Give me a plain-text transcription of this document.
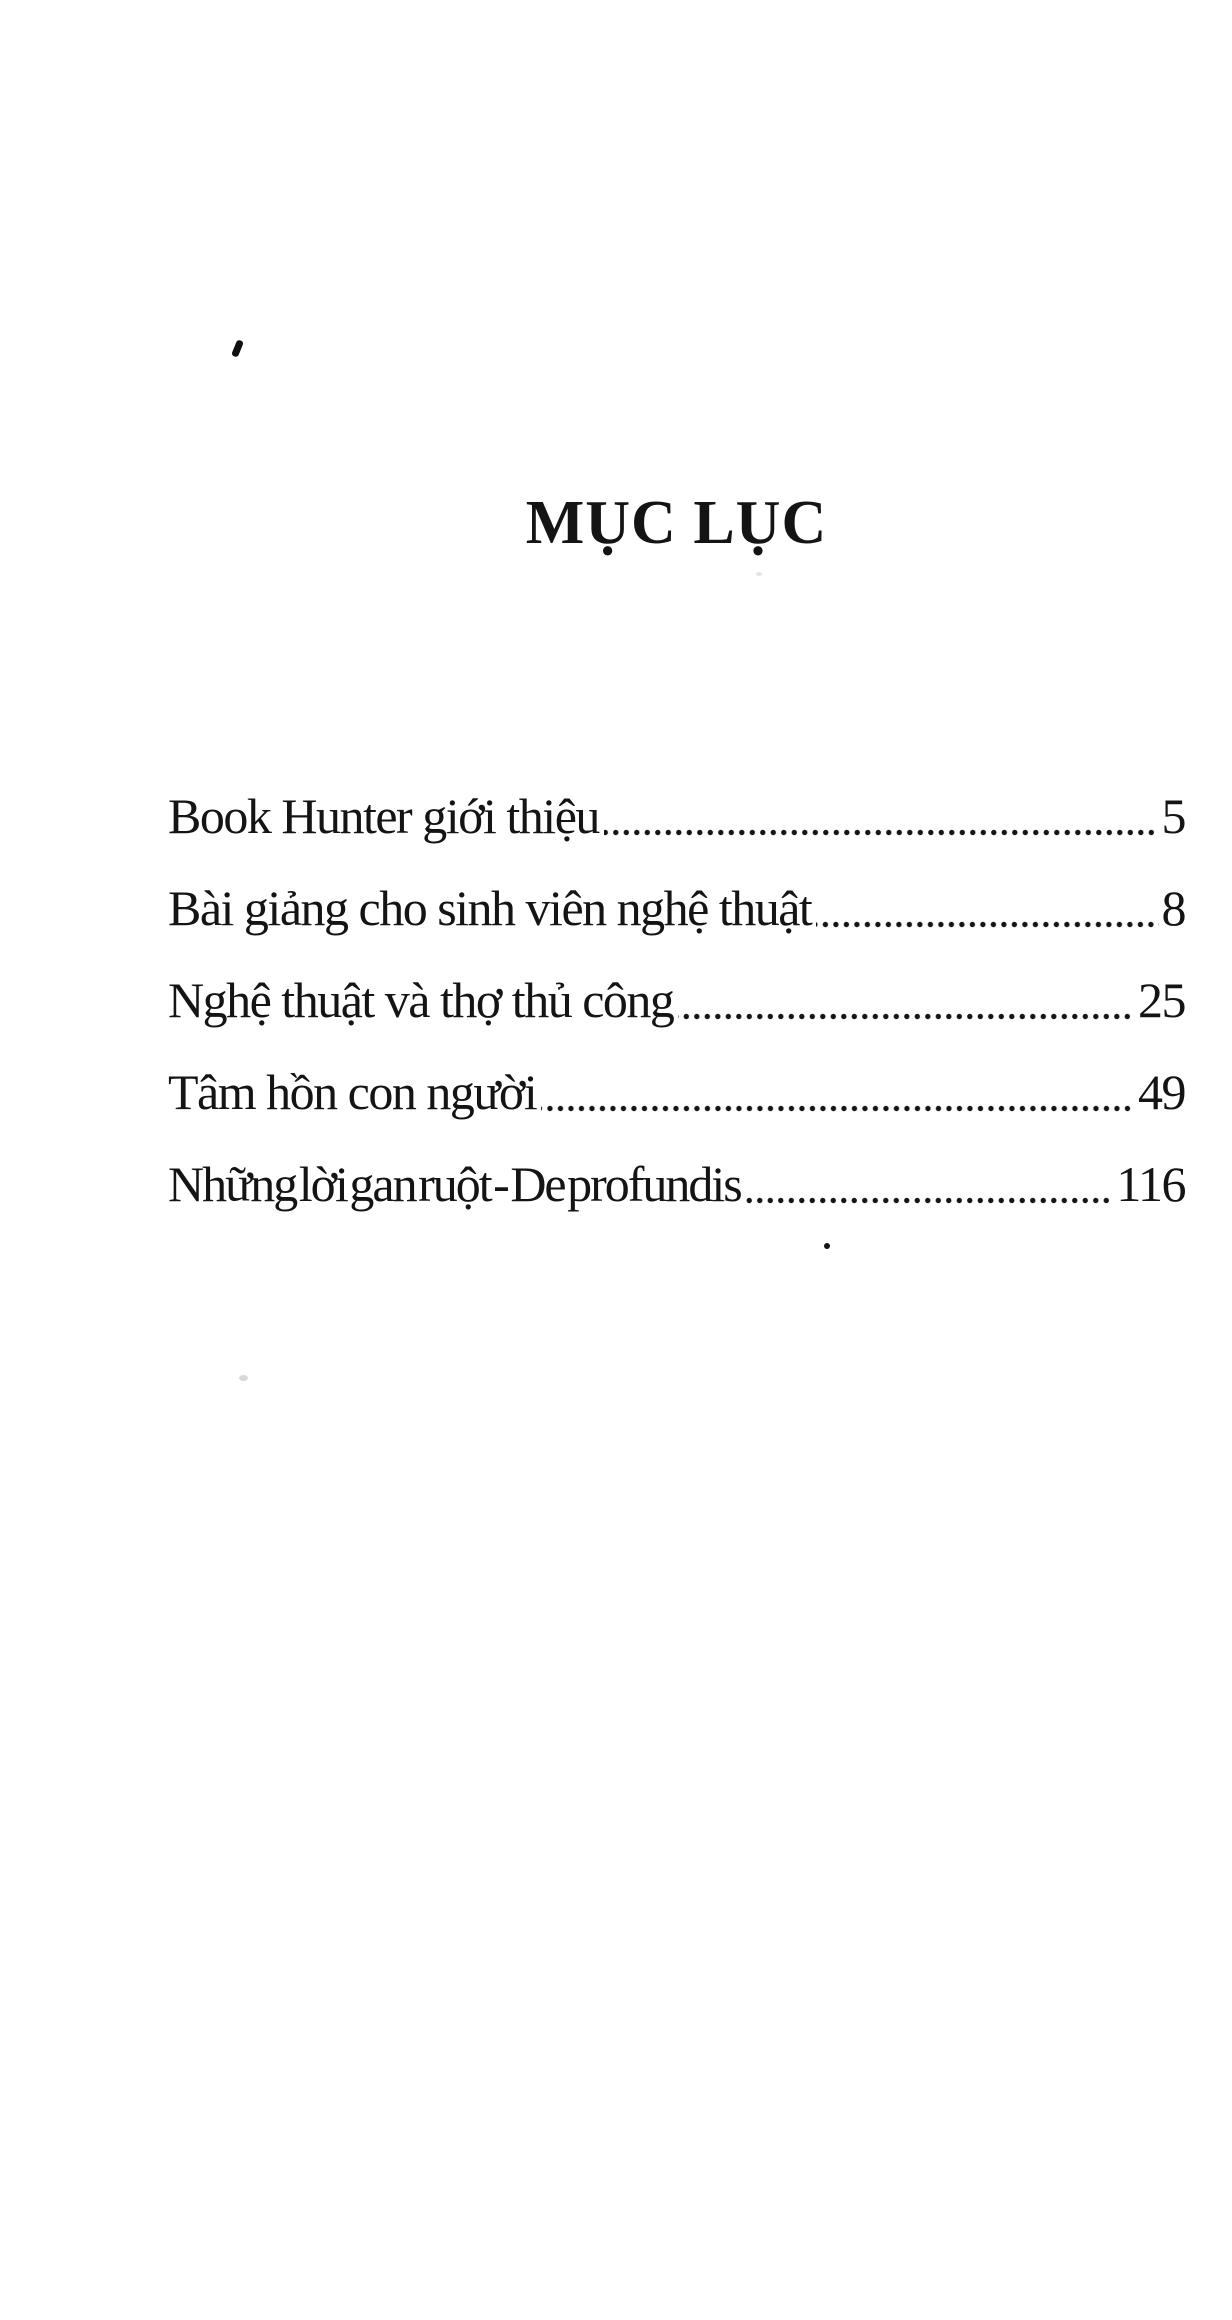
MỤC LỤC
Book Hunter giới thiệu	5
Bài giảng cho sinh viên nghệ thuật	8
Nghệ thuật và thợ thủ công	25
Tâm hồn con người	49
Những lời gan ruột - De profundis	116
